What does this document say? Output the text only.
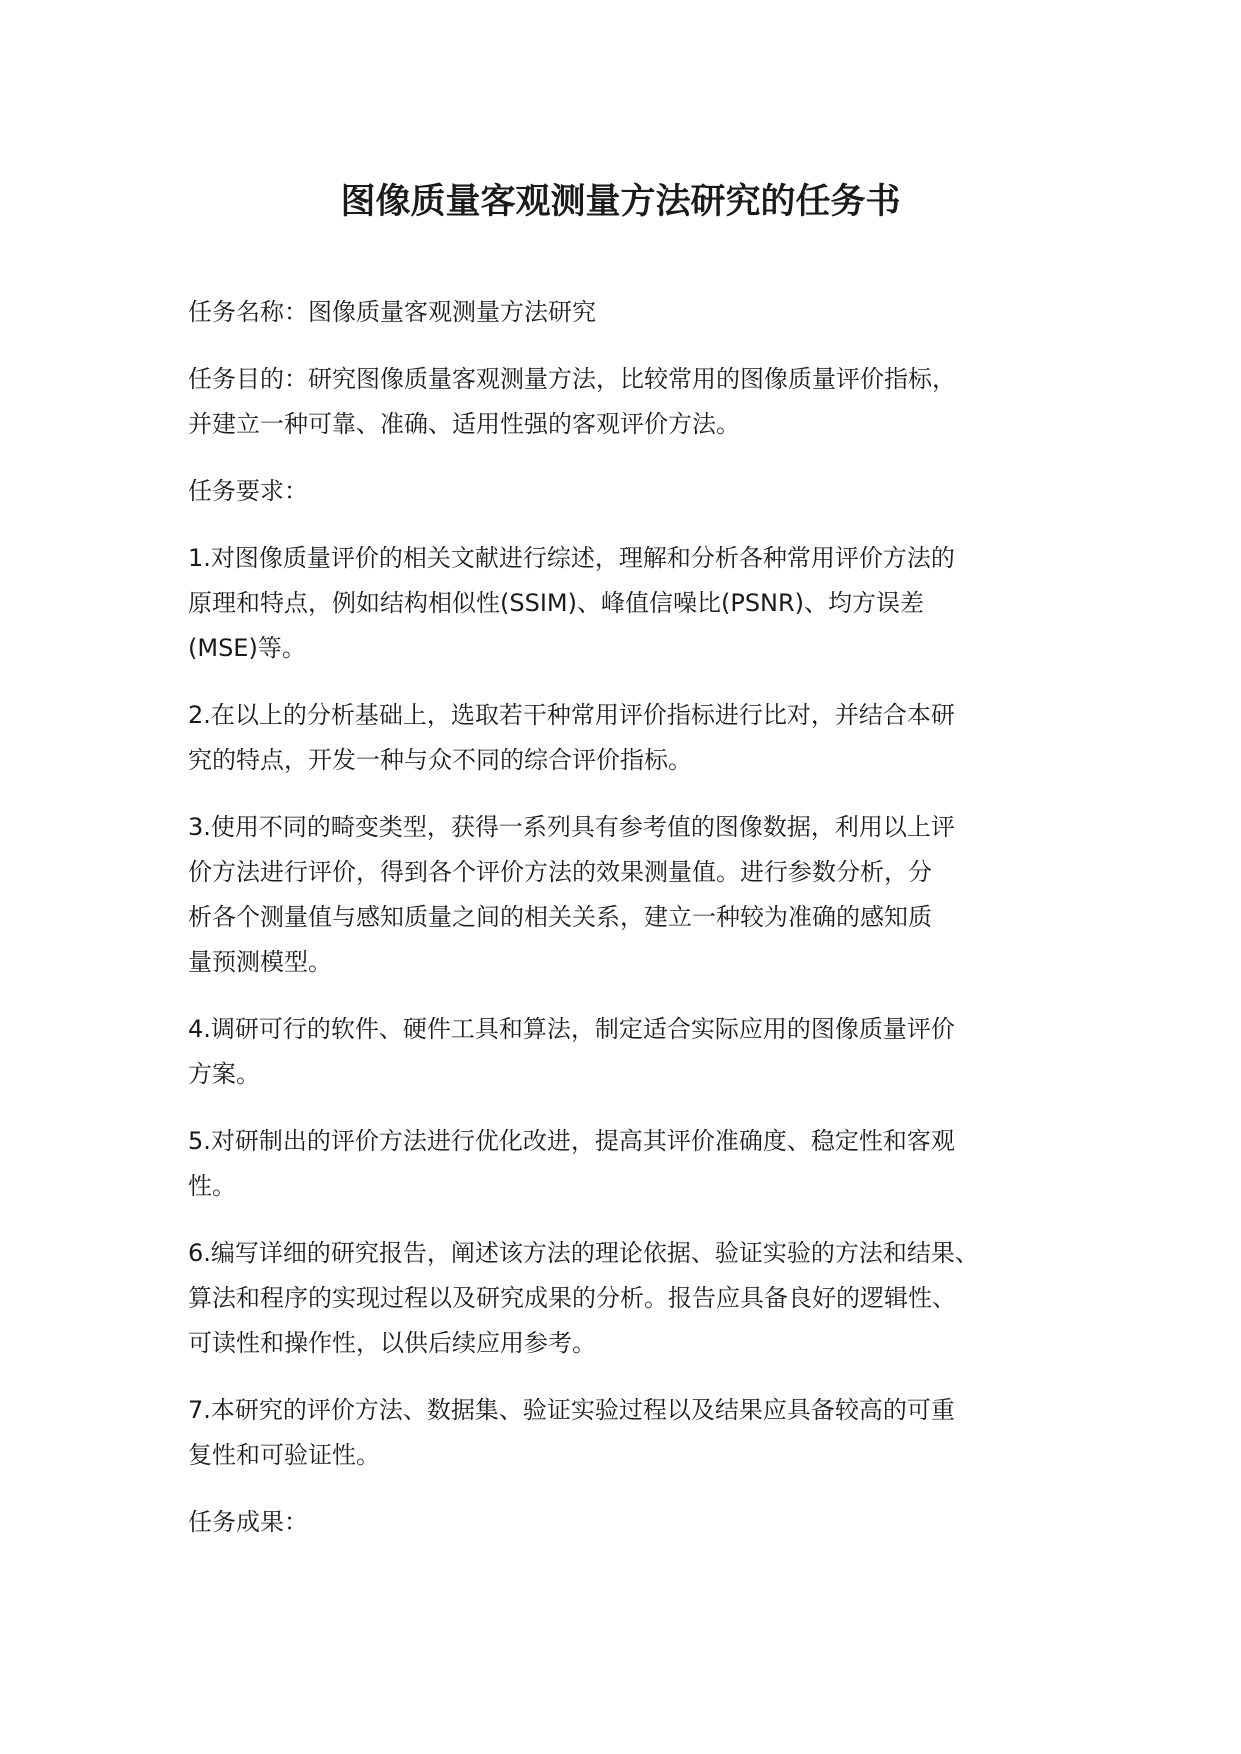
图像质量客观测量方法研究的任务书

任务名称：图像质量客观测量方法研究

任务目的：研究图像质量客观测量方法，比较常用的图像质量评价指标，
并建立一种可靠、准确、适用性强的客观评价方法。

任务要求：

1.对图像质量评价的相关文献进行综述，理解和分析各种常用评价方法的
原理和特点，例如结构相似性(SSIM)、峰值信噪比(PSNR)、均方误差
(MSE)等。

2.在以上的分析基础上，选取若干种常用评价指标进行比对，并结合本研
究的特点，开发一种与众不同的综合评价指标。

3.使用不同的畸变类型，获得一系列具有参考值的图像数据，利用以上评
价方法进行评价，得到各个评价方法的效果测量值。进行参数分析，分
析各个测量值与感知质量之间的相关关系，建立一种较为准确的感知质
量预测模型。

4.调研可行的软件、硬件工具和算法，制定适合实际应用的图像质量评价
方案。

5.对研制出的评价方法进行优化改进，提高其评价准确度、稳定性和客观
性。

6.编写详细的研究报告，阐述该方法的理论依据、验证实验的方法和结果、
算法和程序的实现过程以及研究成果的分析。报告应具备良好的逻辑性、
可读性和操作性，以供后续应用参考。

7.本研究的评价方法、数据集、验证实验过程以及结果应具备较高的可重
复性和可验证性。

任务成果：
